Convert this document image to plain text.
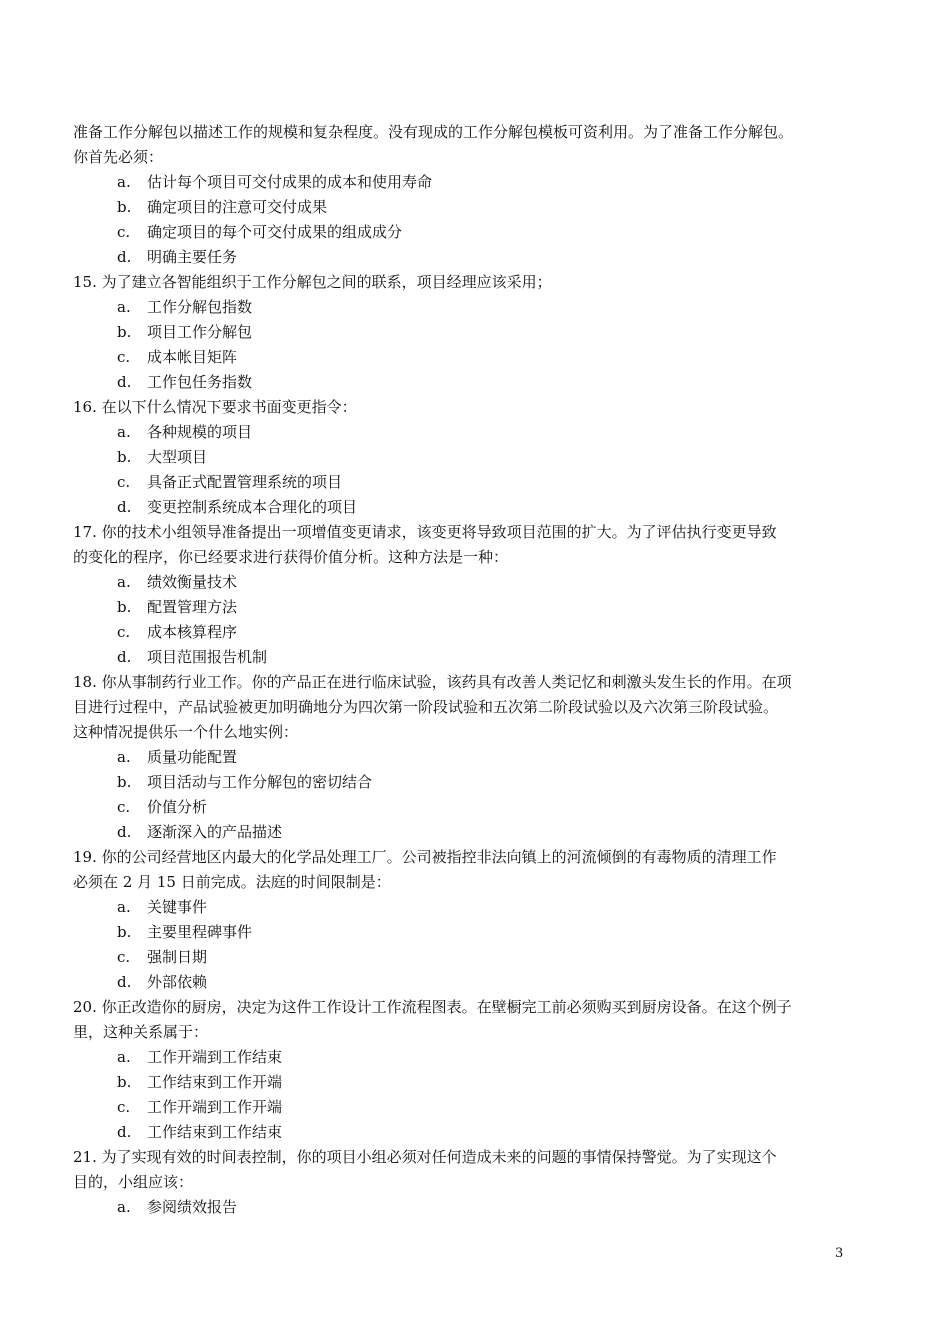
准备工作分解包以描述工作的规模和复杂程度。没有现成的工作分解包模板可资利用。为了准备工作分解包。
你首先必须：
a. 估计每个项目可交付成果的成本和使用寿命
b. 确定项目的注意可交付成果
c. 确定项目的每个可交付成果的组成成分
d. 明确主要任务
15. 为了建立各智能组织于工作分解包之间的联系，项目经理应该采用；
a. 工作分解包指数
b. 项目工作分解包
c. 成本帐目矩阵
d. 工作包任务指数
16. 在以下什么情况下要求书面变更指令：
a. 各种规模的项目
b. 大型项目
c. 具备正式配置管理系统的项目
d. 变更控制系统成本合理化的项目
17. 你的技术小组领导准备提出一项增值变更请求，该变更将导致项目范围的扩大。为了评估执行变更导致
的变化的程序，你已经要求进行获得价值分析。这种方法是一种：
a. 绩效衡量技术
b. 配置管理方法
c. 成本核算程序
d. 项目范围报告机制
18. 你从事制药行业工作。你的产品正在进行临床试验，该药具有改善人类记忆和刺激头发生长的作用。在项
目进行过程中，产品试验被更加明确地分为四次第一阶段试验和五次第二阶段试验以及六次第三阶段试验。
这种情况提供乐一个什么地实例：
a. 质量功能配置
b. 项目活动与工作分解包的密切结合
c. 价值分析
d. 逐渐深入的产品描述
19. 你的公司经营地区内最大的化学品处理工厂。公司被指控非法向镇上的河流倾倒的有毒物质的清理工作
必须在 2 月 15 日前完成。法庭的时间限制是：
a. 关键事件
b. 主要里程碑事件
c. 强制日期
d. 外部依赖
20. 你正改造你的厨房，决定为这件工作设计工作流程图表。在壁橱完工前必须购买到厨房设备。在这个例子
里，这种关系属于：
a. 工作开端到工作结束
b. 工作结束到工作开端
c. 工作开端到工作开端
d. 工作结束到工作结束
21. 为了实现有效的时间表控制，你的项目小组必须对任何造成未来的问题的事情保持警觉。为了实现这个
目的，小组应该：
a. 参阅绩效报告
3
